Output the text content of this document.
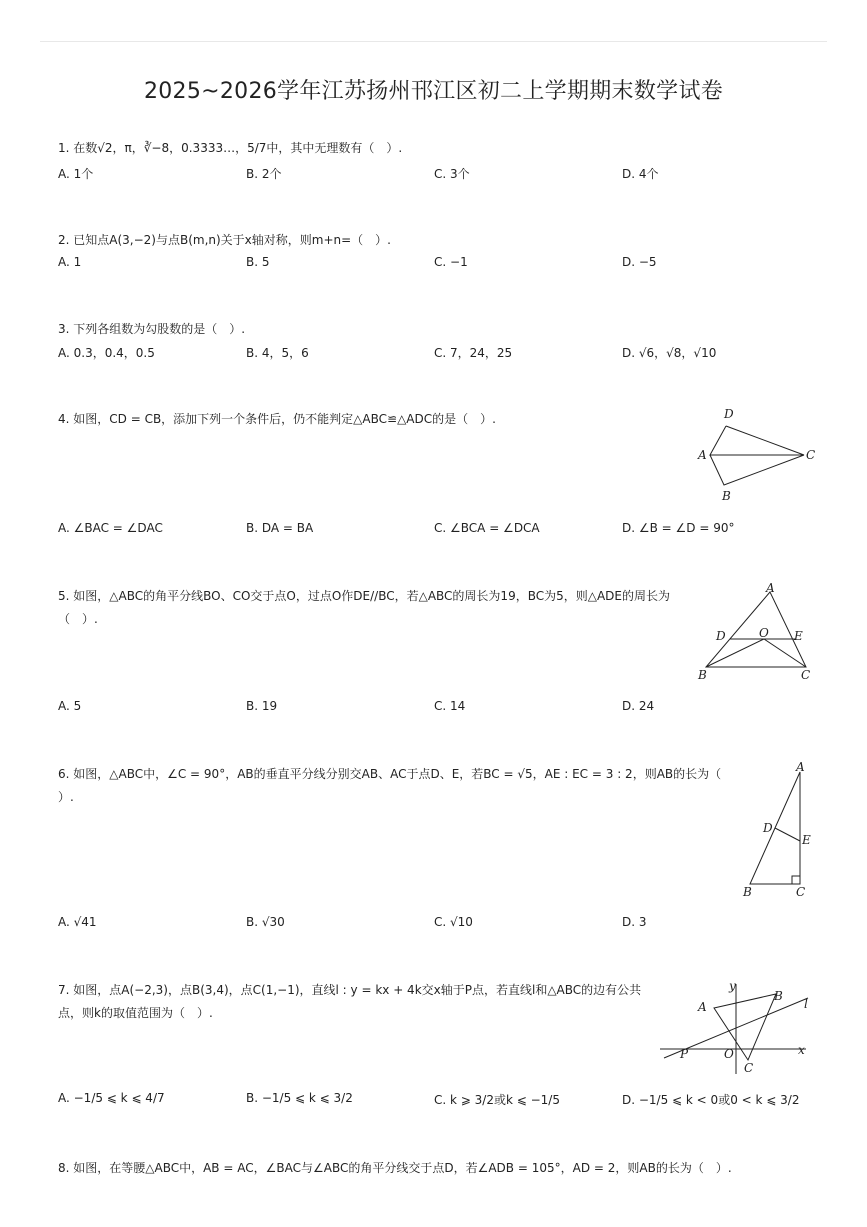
2025~2026学年江苏扬州邗江区初二上学期期末数学试卷
1. 在数√2，π，∛−8，0.3333…，5/7中，其中无理数有（　）.
A. 1个	B. 2个	C. 3个	D. 4个
2. 已知点A(3,−2)与点B(m,n)关于x轴对称，则m+n=（　）.
A. 1	B. 5	C. −1	D. −5
3. 下列各组数为勾股数的是（　）.
A. 0.3，0.4，0.5	B. 4，5，6	C. 7，24，25	D. √6，√8，√10
4. 如图，CD = CB，添加下列一个条件后，仍不能判定△ABC≌△ADC的是（　）.	D
A	C
B
A. ∠BAC = ∠DAC	B. DA = BA	C. ∠BCA = ∠DCA	D. ∠B = ∠D = 90°
5. 如图，△ABC的角平分线BO、CO交于点O，过点O作DE//BC，若△ABC的周长为19，BC为5，则△ADE的周长为
（　）.
A
D	O E
B	C
A. 5	B. 19	C. 14	D. 24
6. 如图，△ABC中，∠C = 90°，AB的垂直平分线分别交AB、AC于点D、E，若BC = √5，AE : EC = 3 : 2，则AB的长为（
）.
A
D
E
B	C
A. √41	B. √30	C. √10	D. 3
7. 如图，点A(−2,3)，点B(3,4)，点C(1,−1)，直线l : y = kx + 4k交x轴于P点，若直线l和△ABC的边有公共
点，则k的取值范围为（　）.
y
A
B
l
P	O
C
x
A. −1/5 ⩽ k ⩽ 4/7	B. −1/5 ⩽ k ⩽ 3/2	C. k ⩾ 3/2或k ⩽ −1/5	D. −1/5 ⩽ k < 0或0 < k ⩽ 3/2
8. 如图，在等腰△ABC中，AB = AC，∠BAC与∠ABC的角平分线交于点D，若∠ADB = 105°，AD = 2，则AB的长为（　）.
